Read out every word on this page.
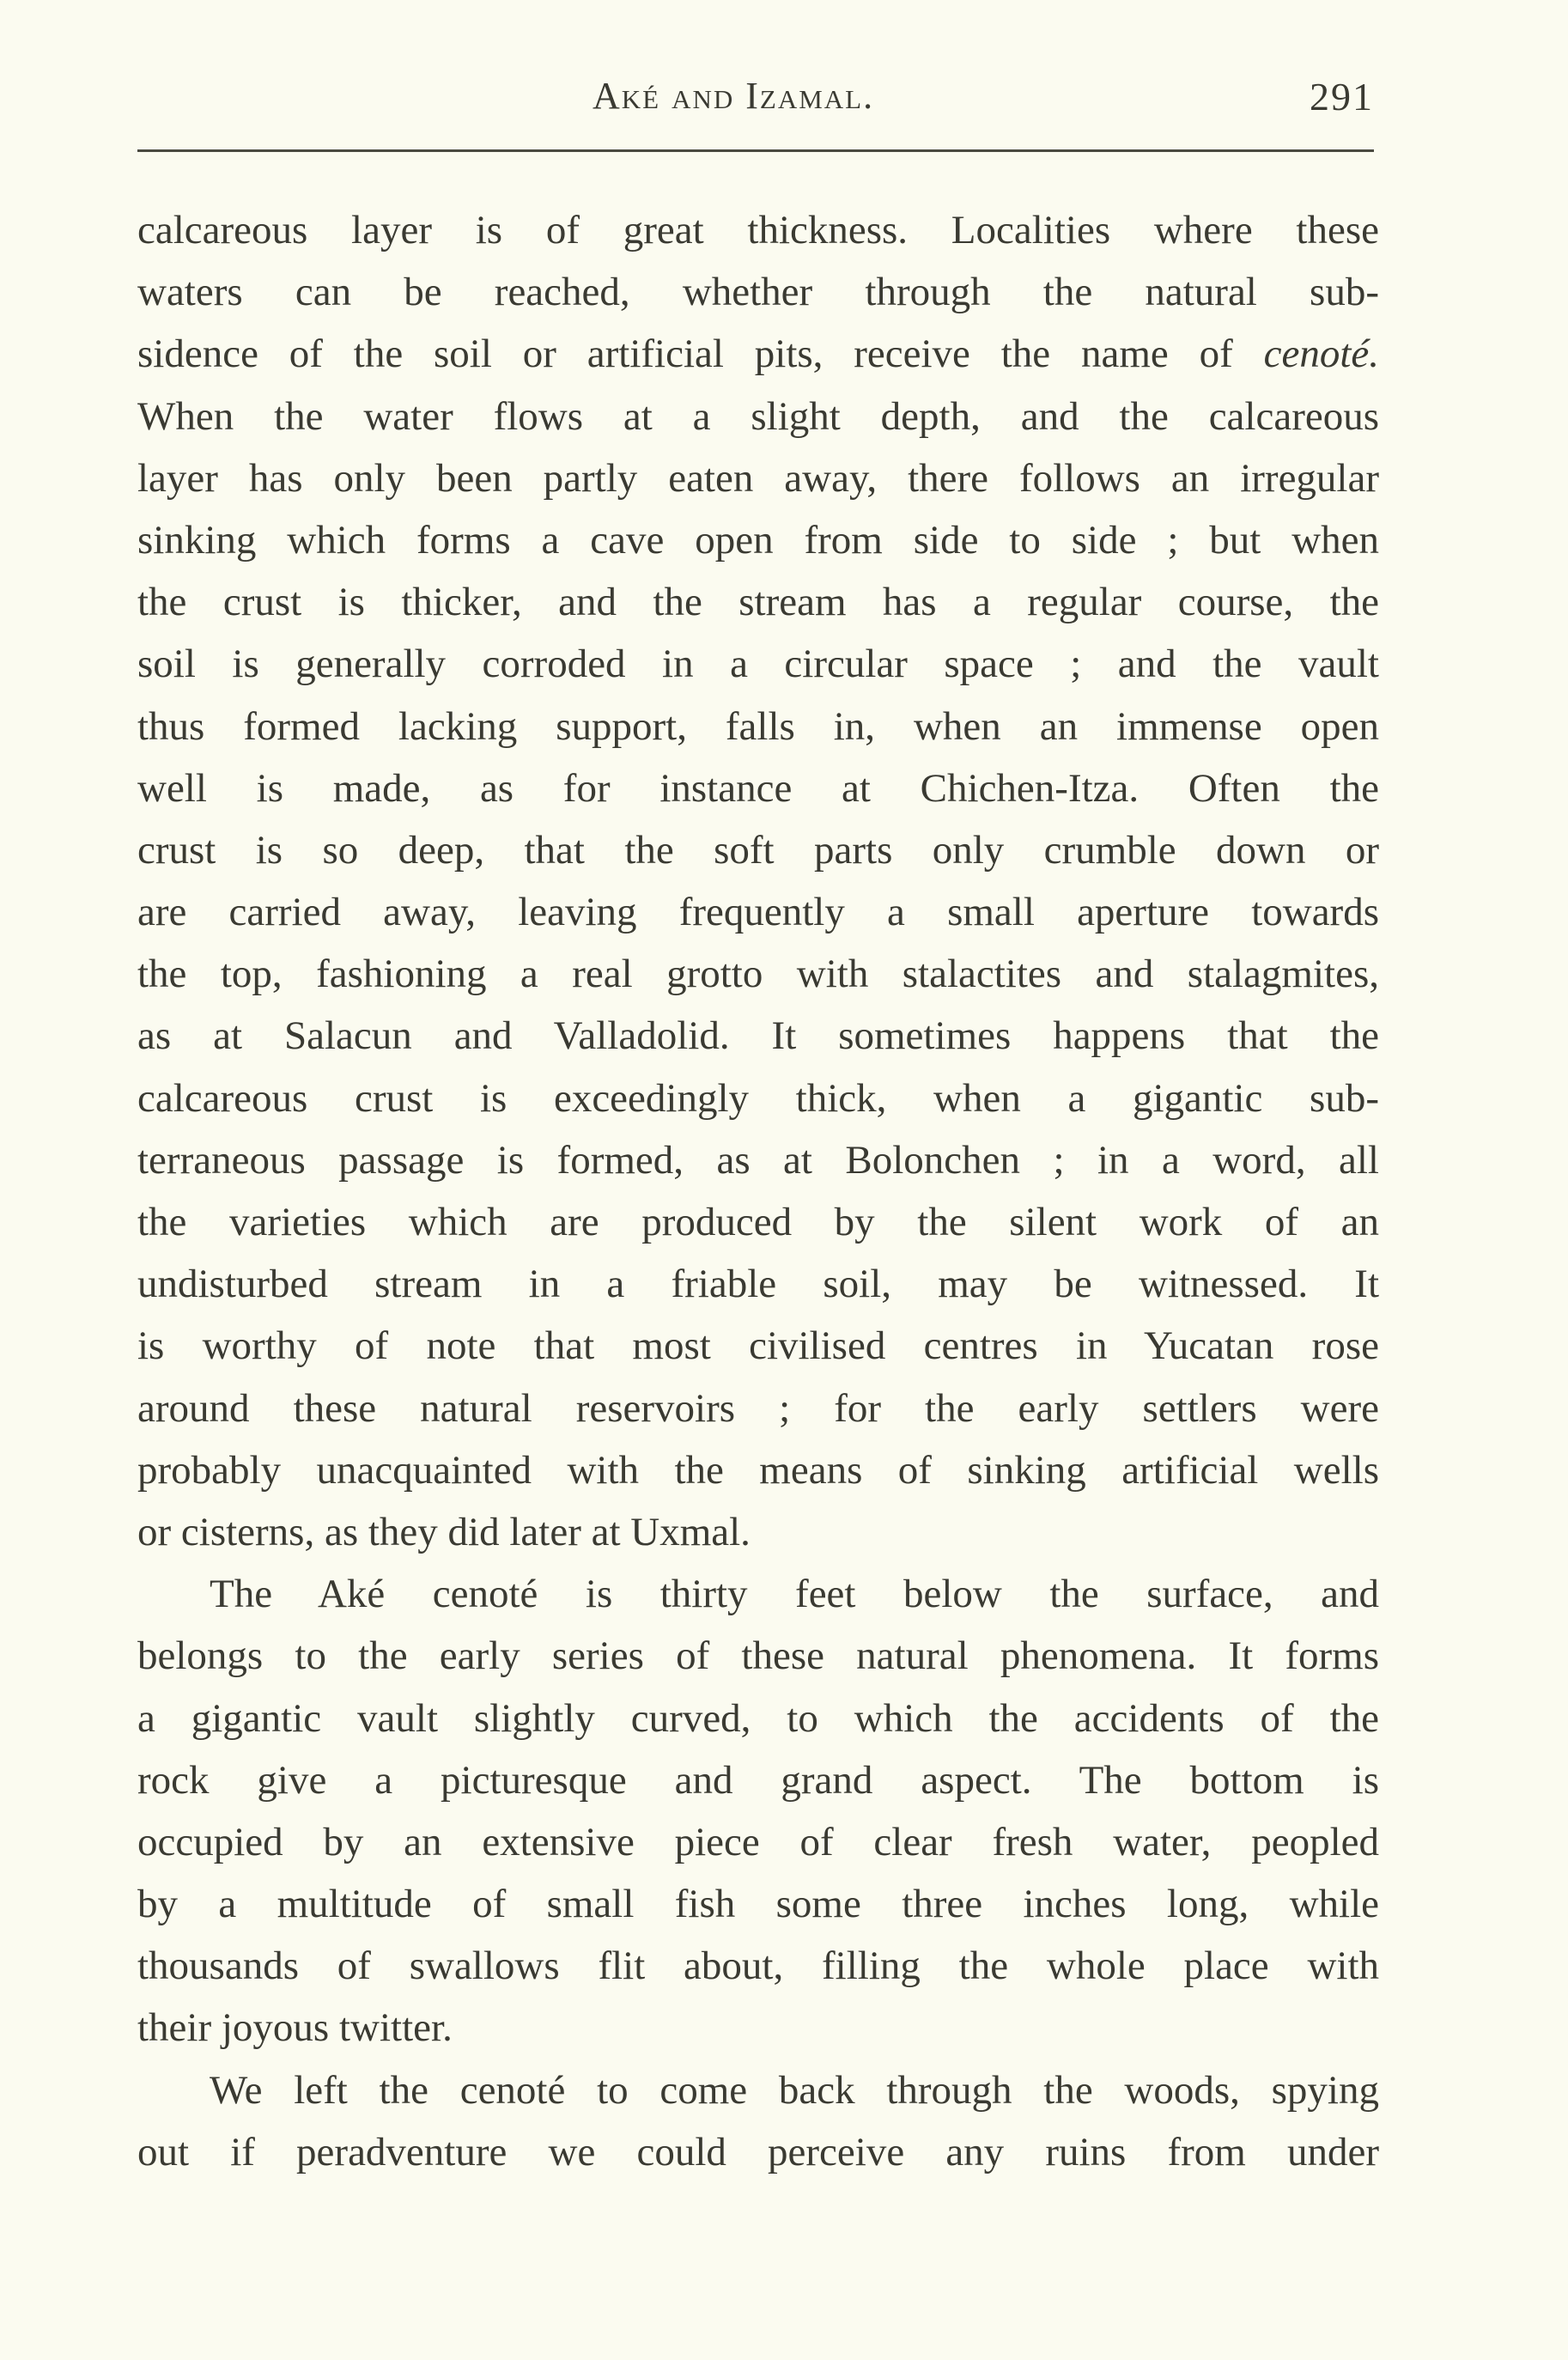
Aké and Izamal.	291
calcareous layer is of great thickness. Localities where these
waters can be reached, whether through the natural sub-
sidence of the soil or artificial pits, receive the name of cenoté.
When the water flows at a slight depth, and the calcareous
layer has only been partly eaten away, there follows an irregular
sinking which forms a cave open from side to side ; but when
the crust is thicker, and the stream has a regular course, the
soil is generally corroded in a circular space ; and the vault
thus formed lacking support, falls in, when an immense open
well is made, as for instance at Chichen-Itza. Often the
crust is so deep, that the soft parts only crumble down or
are carried away, leaving frequently a small aperture towards
the top, fashioning a real grotto with stalactites and stalagmites,
as at Salacun and Valladolid. It sometimes happens that the
calcareous crust is exceedingly thick, when a gigantic sub-
terraneous passage is formed, as at Bolonchen ; in a word, all
the varieties which are produced by the silent work of an
undisturbed stream in a friable soil, may be witnessed. It
is worthy of note that most civilised centres in Yucatan rose
around these natural reservoirs ; for the early settlers were
probably unacquainted with the means of sinking artificial wells
or cisterns, as they did later at Uxmal.
The Aké cenoté is thirty feet below the surface, and
belongs to the early series of these natural phenomena. It forms
a gigantic vault slightly curved, to which the accidents of the
rock give a picturesque and grand aspect. The bottom is
occupied by an extensive piece of clear fresh water, peopled
by a multitude of small fish some three inches long, while
thousands of swallows flit about, filling the whole place with
their joyous twitter.
We left the cenoté to come back through the woods, spying
out if peradventure we could perceive any ruins from under
